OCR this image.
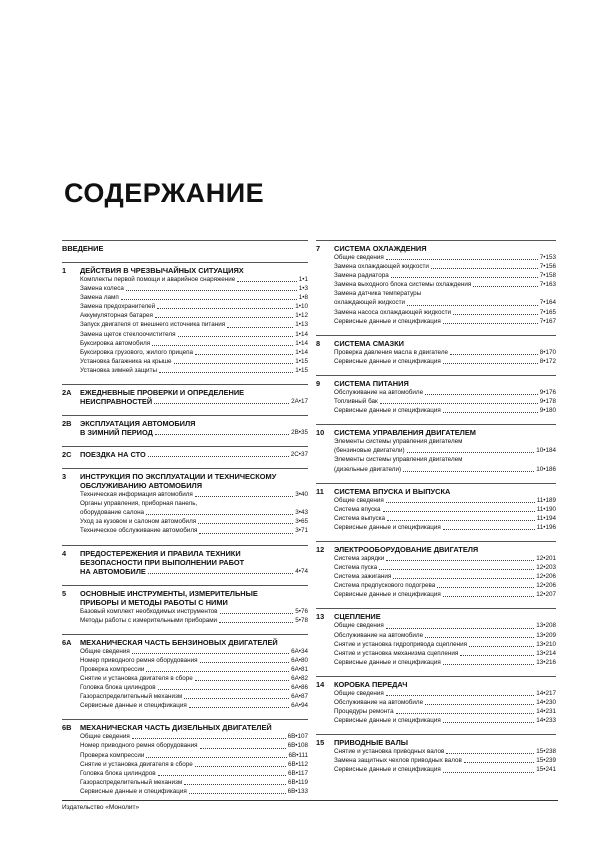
СОДЕРЖАНИЕ
ВВЕДЕНИЕ
1 ДЕЙСТВИЯ В ЧРЕЗВЫЧАЙНЫХ СИТУАЦИЯХ
Комплекты первой помощи и аварийное снаряжение	1•1
Замена колеса	1•3
Замена ламп	1•8
Замена предохранителей	1•10
Аккумуляторная батарея	1•12
Запуск двигателя от внешнего источника питания	1•13
Замена щеток стеклоочистителя	1•14
Буксировка автомобиля	1•14
Буксировка грузового, жилого прицепа	1•14
Установка багажника на крыше	1•15
Установка зимней защиты	1•15
2А ЕЖЕДНЕВНЫЕ ПРОВЕРКИ И ОПРЕДЕЛЕНИЕ
НЕИСПРАВНОСТЕЙ	2А•17
2В ЭКСПЛУАТАЦИЯ АВТОМОБИЛЯ
В ЗИМНИЙ ПЕРИОД	2В•35
2С ПОЕЗДКА НА СТО	2С•37
3 ИНСТРУКЦИЯ ПО ЭКСПЛУАТАЦИИ И ТЕХНИЧЕСКОМУ
ОБСЛУЖИВАНИЮ АВТОМОБИЛЯ
Техническая информация автомобиля	3•40
Органы управления, приборная панель,
оборудование салона	3•43
Уход за кузовом и салоном автомобиля	3•65
Техническое обслуживание автомобиля	3•71
4 ПРЕДОСТЕРЕЖЕНИЯ И ПРАВИЛА ТЕХНИКИ
БЕЗОПАСНОСТИ ПРИ ВЫПОЛНЕНИИ РАБОТ
НА АВТОМОБИЛЕ	4•74
5 ОСНОВНЫЕ ИНСТРУМЕНТЫ, ИЗМЕРИТЕЛЬНЫЕ
ПРИБОРЫ И МЕТОДЫ РАБОТЫ С НИМИ
Базовый комплект необходимых инструментов	5•76
Методы работы с измерительными приборами	5•78
6А МЕХАНИЧЕСКАЯ ЧАСТЬ БЕНЗИНОВЫХ ДВИГАТЕЛЕЙ
Общие сведения	6А•34
Номер приводного ремня оборудования	6А•80
Проверка компрессии	6А•81
Снятие и установка двигателя в сборе	6А•82
Головка блока цилиндров	6А•86
Газораспределительный механизм	6А•87
Сервисные данные и спецификация	6А•94
6В МЕХАНИЧЕСКАЯ ЧАСТЬ ДИЗЕЛЬНЫХ ДВИГАТЕЛЕЙ
Общие сведения	6В•107
Номер приводного ремня оборудования	6В•108
Проверка компрессии	6В•111
Снятие и установка двигателя в сборе	6В•112
Головка блока цилиндров	6В•117
Газораспределительный механизм	6В•119
Сервисные данные и спецификация	6В•133
7 СИСТЕМА ОХЛАЖДЕНИЯ
Общие сведения	7•153
Замена охлаждающей жидкости	7•156
Замена радиатора	7•158
Замена выходного блока системы охлаждения	7•163
Замена датчика температуры
охлаждающей жидкости	7•164
Замена насоса охлаждающей жидкости	7•165
Сервисные данные и спецификация	7•167
8 СИСТЕМА СМАЗКИ
Проверка давления масла в двигателе	8•170
Сервисные данные и спецификация	8•172
9 СИСТЕМА ПИТАНИЯ
Обслуживание на автомобиле	9•176
Топливный бак	9•178
Сервисные данные и спецификация	9•180
10 СИСТЕМА УПРАВЛЕНИЯ ДВИГАТЕЛЕМ
Элементы системы управления двигателем
(бензиновые двигатели)	10•184
Элементы системы управления двигателем
(дизельные двигатели)	10•186
11 СИСТЕМА ВПУСКА И ВЫПУСКА
Общие сведения	11•189
Система впуска	11•190
Система выпуска	11•194
Сервисные данные и спецификация	11•196
12 ЭЛЕКТРООБОРУДОВАНИЕ ДВИГАТЕЛЯ
Система зарядки	12•201
Система пуска	12•203
Система зажигания	12•206
Система предпускового подогрева	12•206
Сервисные данные и спецификация	12•207
13 СЦЕПЛЕНИЕ
Общие сведения	13•208
Обслуживание на автомобиле	13•209
Снятие и установка гидропривода сцепления	13•210
Снятие и установка механизма сцепления	13•214
Сервисные данные и спецификация	13•216
14 КОРОБКА ПЕРЕДАЧ
Общие сведения	14•217
Обслуживание на автомобиле	14•230
Процедуры ремонта	14•231
Сервисные данные и спецификация	14•233
15 ПРИВОДНЫЕ ВАЛЫ
Снятие и установка приводных валов	15•238
Замена защитных чехлов приводных валов	15•239
Сервисные данные и спецификация	15•241
Издательство «Монолит»
